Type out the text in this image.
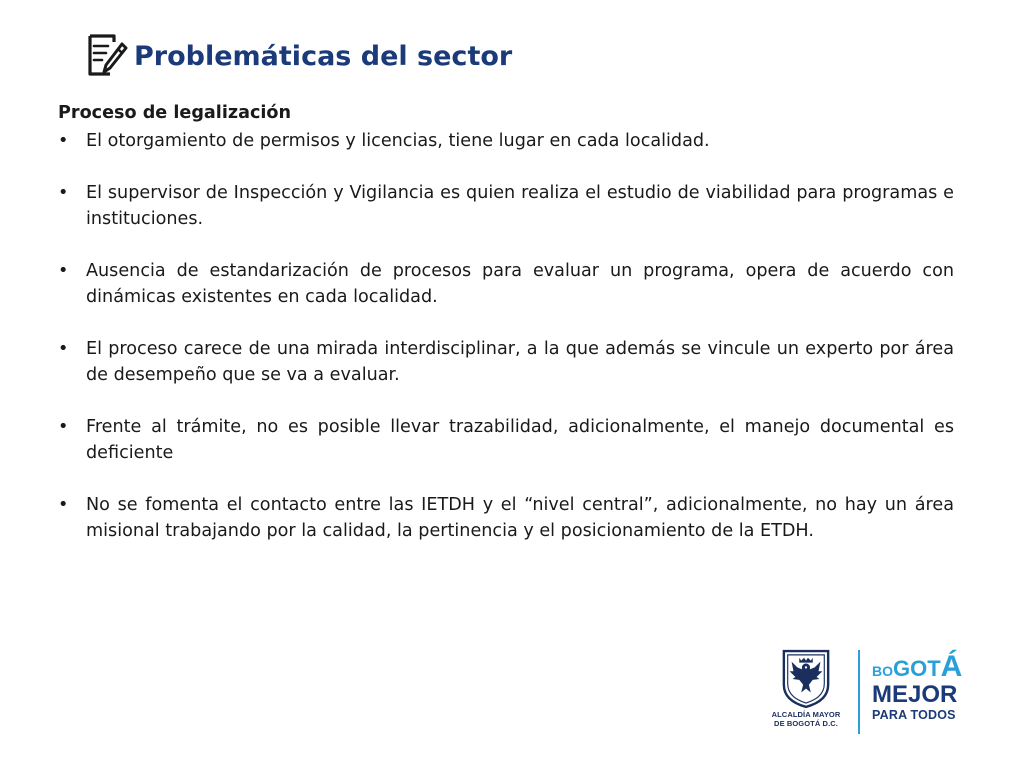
Problemáticas del sector
Proceso de legalización
• El otorgamiento de permisos y licencias, tiene lugar en cada localidad.
• El supervisor de Inspección y Vigilancia es quien realiza el estudio de viabilidad para programas e instituciones.
• Ausencia de estandarización de procesos para evaluar un programa, opera de acuerdo con dinámicas existentes en cada localidad.
• El proceso carece de una mirada interdisciplinar, a la que además se vincule un experto por área de desempeño que se va a evaluar.
• Frente al trámite, no es posible llevar trazabilidad, adicionalmente, el manejo documental es deficiente
• No se fomenta el contacto entre las IETDH y el “nivel central”, adicionalmente, no hay un área misional trabajando por la calidad, la pertinencia y el posicionamiento de la ETDH.
ALCALDÍA MAYOR
DE BOGOTÁ D.C.
BOGOTÁ
MEJOR
PARA TODOS
